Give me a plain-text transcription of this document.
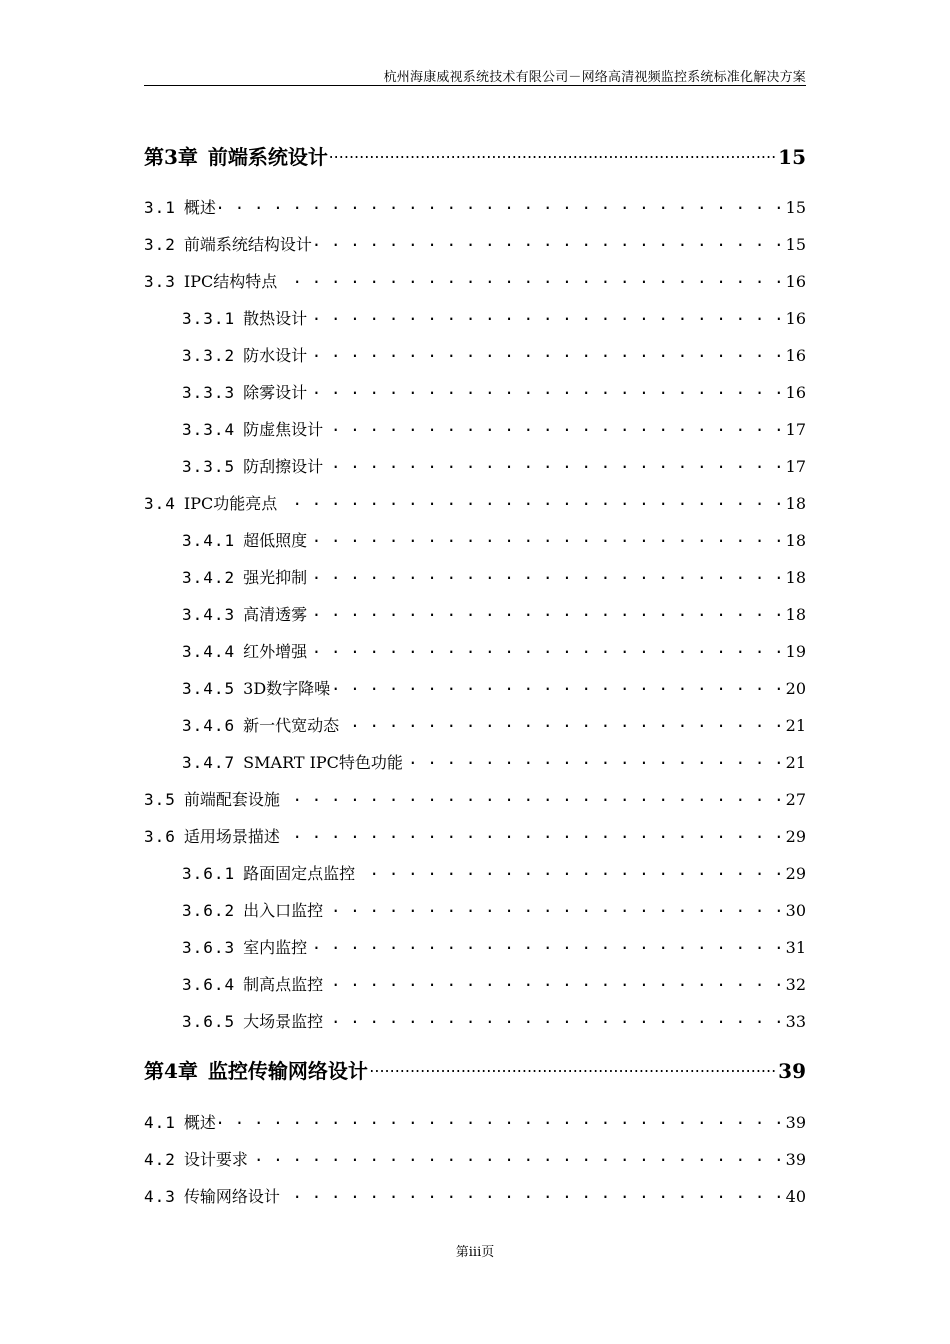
杭州海康威视系统技术有限公司－网络高清视频监控系统标准化解决方案
第3章 前端系统设计 .....	15
3.1 概述 . . .	15
3.2 前端系统结构设计 . . .	15
3.3 IPC结构特点 . . .	16
3.3.1 散热设计 . . .	16
3.3.2 防水设计 . . .	16
3.3.3 除雾设计 . . .	16
3.3.4 防虚焦设计 . . .	17
3.3.5 防刮擦设计 . . .	17
3.4 IPC功能亮点 . . .	18
3.4.1 超低照度 . . .	18
3.4.2 强光抑制 . . .	18
3.4.3 高清透雾 . . .	18
3.4.4 红外增强 . . .	19
3.4.5 3D数字降噪 . . .	20
3.4.6 新一代宽动态 . . .	21
3.4.7 SMART IPC特色功能 . . .	21
3.5 前端配套设施 . . .	27
3.6 适用场景描述 . . .	29
3.6.1 路面固定点监控 . . .	29
3.6.2 出入口监控 . . .	30
3.6.3 室内监控 . . .	31
3.6.4 制高点监控 . . .	32
3.6.5 大场景监控 . . .	33
第4章 监控传输网络设计 .....	39
4.1 概述 . . .	39
4.2 设计要求 . . .	39
4.3 传输网络设计 . . .	40
第iii页
